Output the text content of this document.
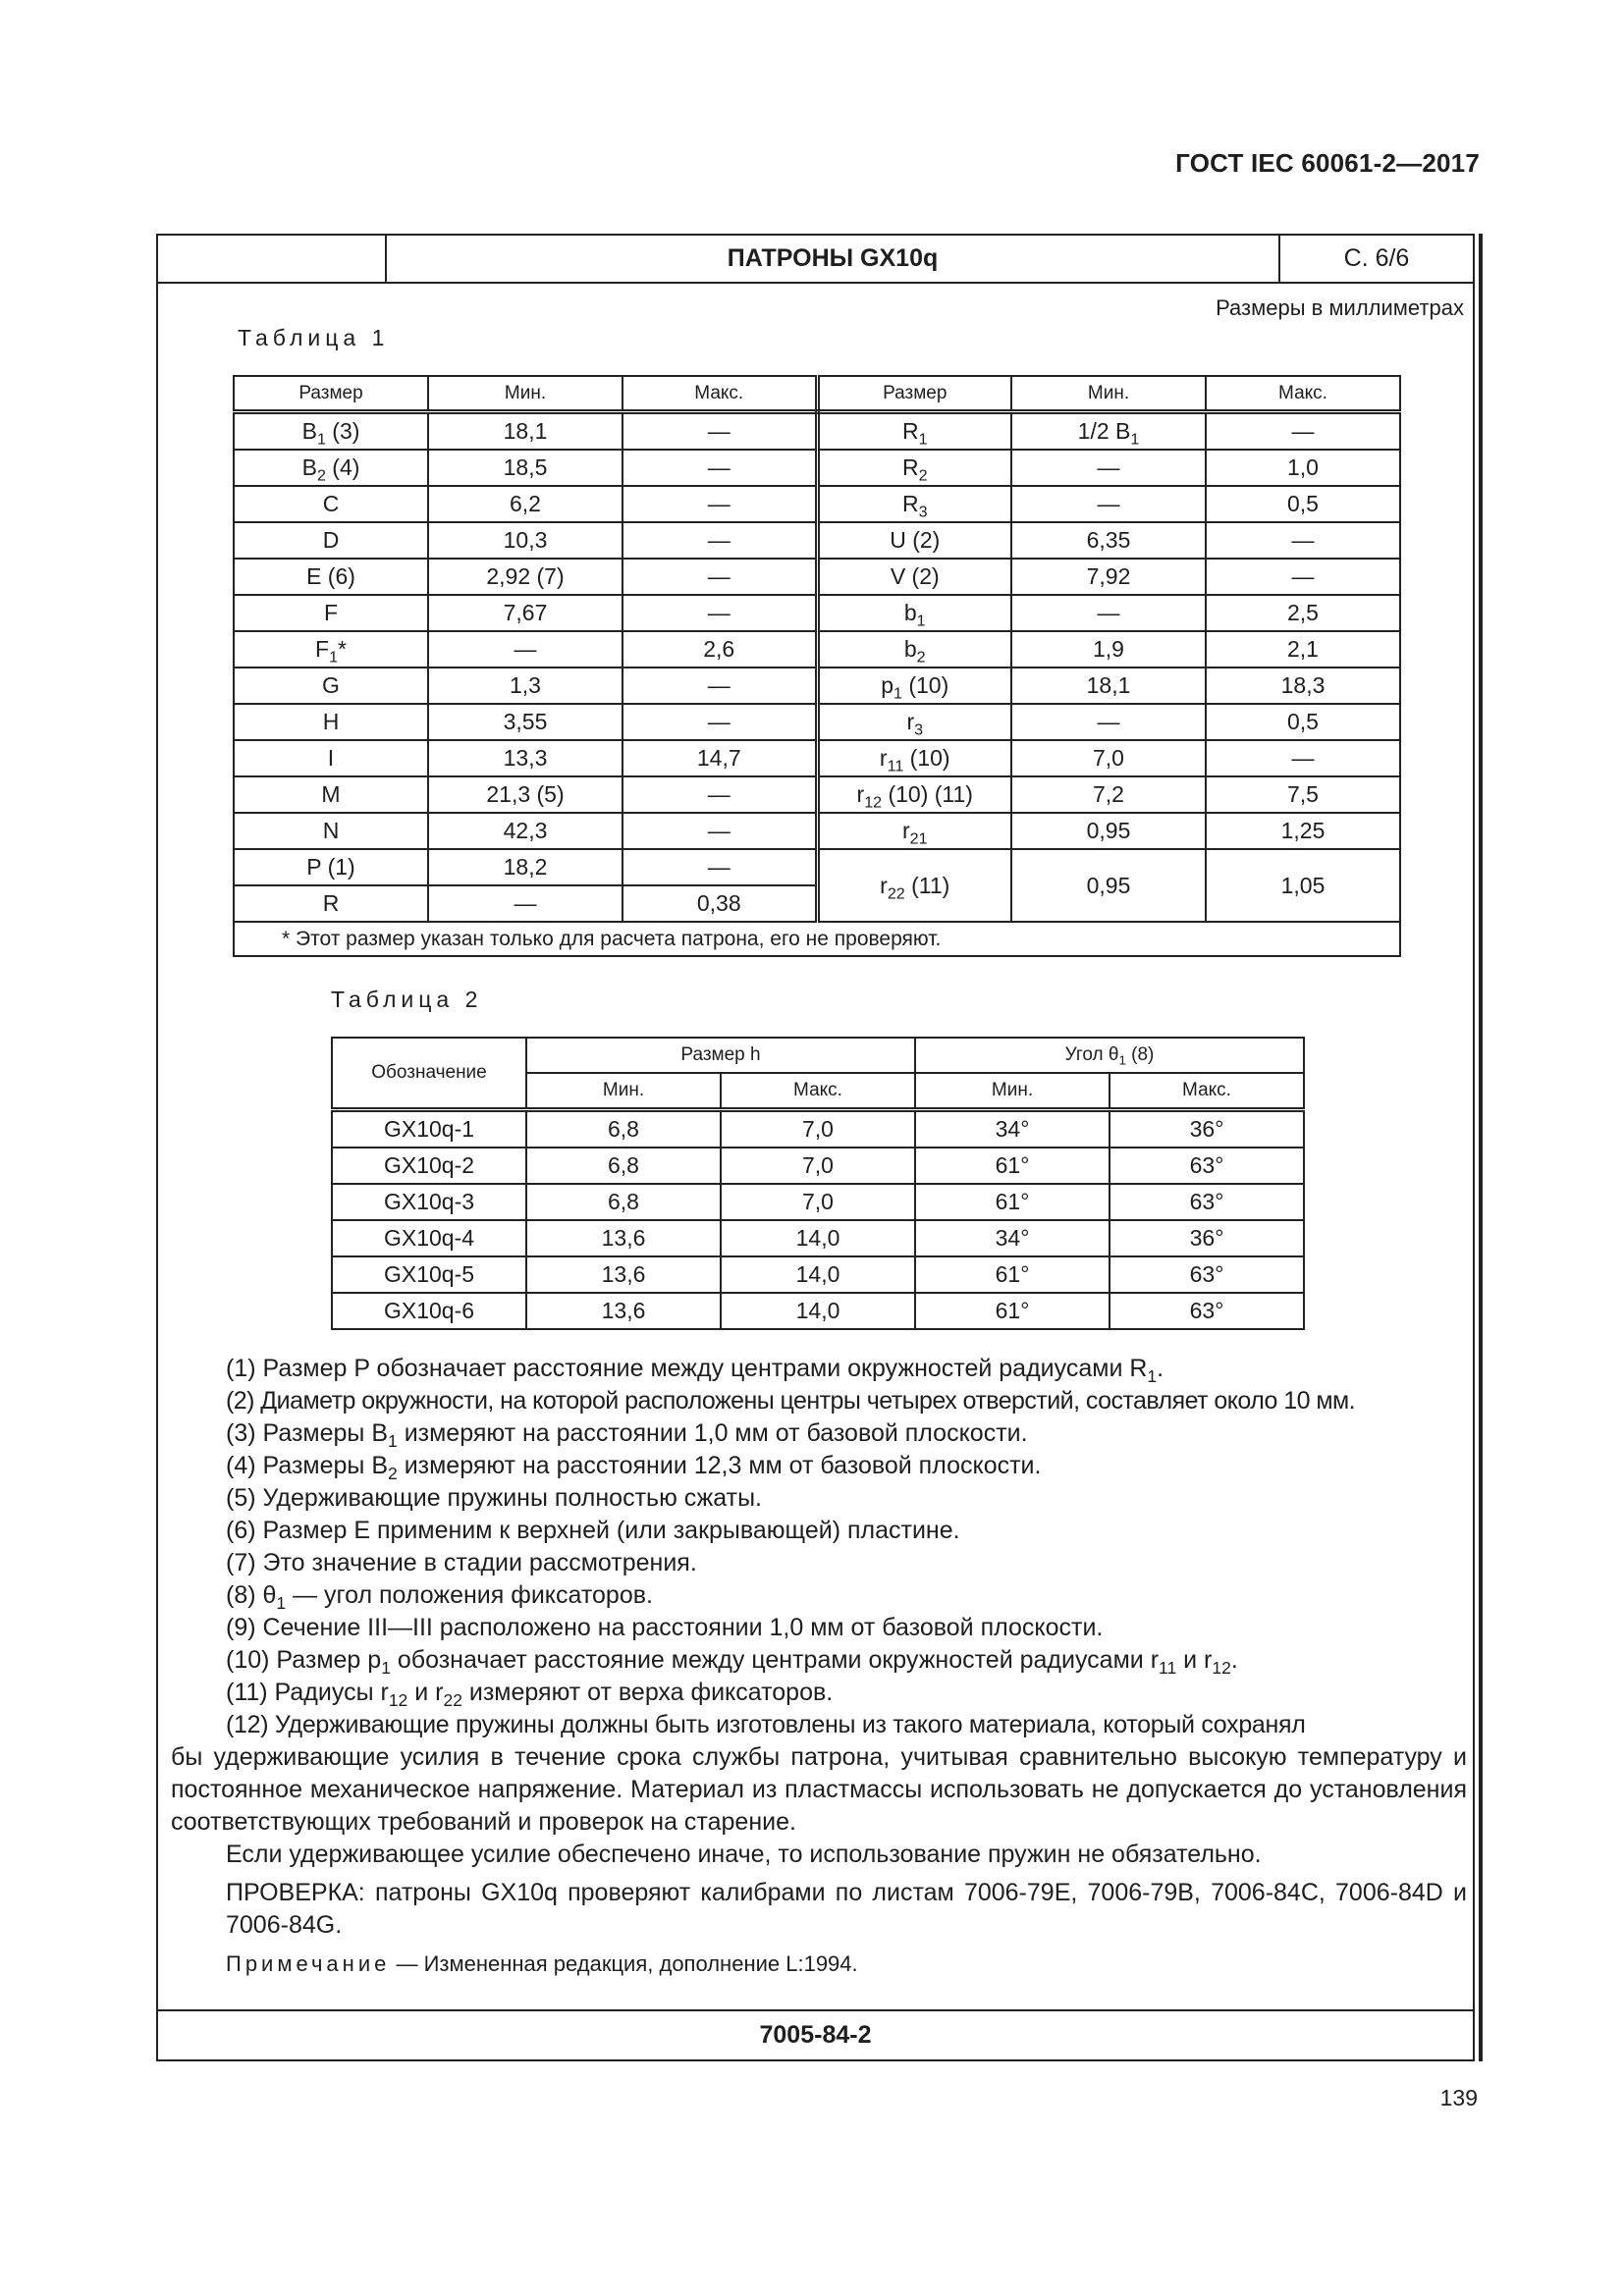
ГОСТ IEC 60061-2—2017
ПАТРОНЫ GX10q	С. 6/6
Размеры в миллиметрах
Таблица 1
Размер	Мин.	Макс.	Размер	Мин.	Макс.
$B_1$ (3)	18,1	—	$R_1$	1/2 $B_1$	—
$B_2$ (4)	18,5	—	$R_2$	—	1,0
C	6,2	—	$R_3$	—	0,5
D	10,3	—	U (2)	6,35	—
E (6)	2,92 (7)	—	V (2)	7,92	—
F	7,67	—	$b_1$	—	2,5
$F_1*$	—	2,6	$b_2$	1,9	2,1
G	1,3	—	$p_1$ (10)	18,1	18,3
H	3,55	—	$r_3$	—	0,5
I	13,3	14,7	$r_{11}$ (10)	7,0	—
M	21,3 (5)	—	$r_{12}$ (10) (11)	7,2	7,5
N	42,3	—	$r_{21}$	0,95	1,25
P (1)	18,2	—	$r_{22}$ (11)	0,95	1,05
R	—	0,38			
* Этот размер указан только для расчета патрона, его не проверяют.					
Таблица 2
Обозначение	Размер h		Угол $\theta_1$ (8)	
	Мин.	Макс.	Мин.	Макс.
GX10q-1	6,8	7,0	34°	36°
GX10q-2	6,8	7,0	61°	63°
GX10q-3	6,8	7,0	61°	63°
GX10q-4	13,6	14,0	34°	36°
GX10q-5	13,6	14,0	61°	63°
GX10q-6	13,6	14,0	61°	63°

(1) Размер P обозначает расстояние между центрами окружностей радиусами $R_1$.

(2) Диаметр окружности, на которой расположены центры четырех отверстий, составляет около 10 мм.

(3) Размеры $B_1$ измеряют на расстоянии 1,0 мм от базовой плоскости.

(4) Размеры $B_2$ измеряют на расстоянии 12,3 мм от базовой плоскости.

(5) Удерживающие пружины полностью сжаты.

(6) Размер E применим к верхней (или закрывающей) пластине.

(7) Это значение в стадии рассмотрения.

(8) $\theta_1$ — угол положения фиксаторов.

(9) Сечение III—III расположено на расстоянии 1,0 мм от базовой плоскости.

(10) Размер $p_1$ обозначает расстояние между центрами окружностей радиусами $r_{11}$ и $r_{12}$.

(11) Радиусы $r_{12}$ и $r_{22}$ измеряют от верха фиксаторов.

(12) Удерживающие пружины должны быть изготовлены из такого материала, который сохранял

бы удерживающие усилия в течение срока службы патрона, учитывая сравнительно высокую температуру и постоянное механическое напряжение. Материал из пластмассы использовать не допускается до установления соответствующих требований и проверок на старение.

Если удерживающее усилие обеспечено иначе, то использование пружин не обязательно.

ПРОВЕРКА: патроны GX10q проверяют калибрами по листам 7006-79E, 7006-79B, 7006-84C, 7006-84D и 7006-84G.

Примечание — Измененная редакция, дополнение L:1994.

7005-84-2
139
